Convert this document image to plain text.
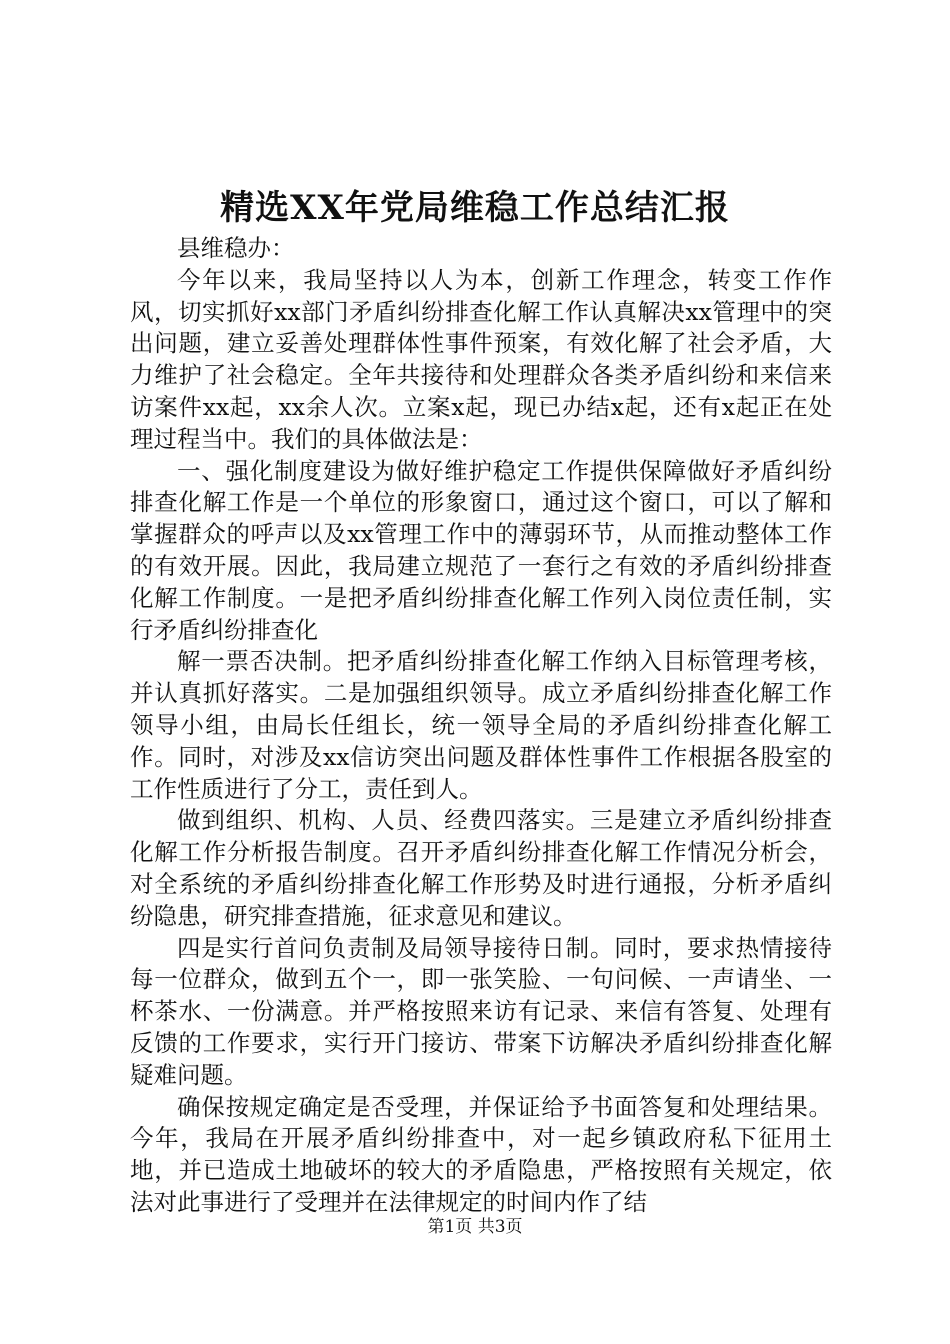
精选XX年党局维稳工作总结汇报

县维稳办：

今年以来，我局坚持以人为本，创新工作理念，转变工作作风，切实抓好xx部门矛盾纠纷排查化解工作认真解决xx管理中的突出问题，建立妥善处理群体性事件预案，有效化解了社会矛盾，大力维护了社会稳定。全年共接待和处理群众各类矛盾纠纷和来信来访案件xx起，xx余人次。立案x起，现已办结x起，还有x起正在处理过程当中。我们的具体做法是：

一、强化制度建设为做好维护稳定工作提供保障做好矛盾纠纷排查化解工作是一个单位的形象窗口，通过这个窗口，可以了解和掌握群众的呼声以及xx管理工作中的薄弱环节，从而推动整体工作的有效开展。因此，我局建立规范了一套行之有效的矛盾纠纷排查化解工作制度。一是把矛盾纠纷排查化解工作列入岗位责任制，实行矛盾纠纷排查化

解一票否决制。把矛盾纠纷排查化解工作纳入目标管理考核，并认真抓好落实。二是加强组织领导。成立矛盾纠纷排查化解工作领导小组，由局长任组长，统一领导全局的矛盾纠纷排查化解工作。同时，对涉及xx信访突出问题及群体性事件工作根据各股室的工作性质进行了分工，责任到人。

做到组织、机构、人员、经费四落实。三是建立矛盾纠纷排查化解工作分析报告制度。召开矛盾纠纷排查化解工作情况分析会，对全系统的矛盾纠纷排查化解工作形势及时进行通报，分析矛盾纠纷隐患，研究排查措施，征求意见和建议。

四是实行首问负责制及局领导接待日制。同时，要求热情接待每一位群众，做到五个一，即一张笑脸、一句问候、一声请坐、一杯茶水、一份满意。并严格按照来访有记录、来信有答复、处理有反馈的工作要求，实行开门接访、带案下访解决矛盾纠纷排查化解疑难问题。

确保按规定确定是否受理，并保证给予书面答复和处理结果。今年，我局在开展矛盾纠纷排查中，对一起乡镇政府私下征用土地，并已造成土地破坏的较大的矛盾隐患，严格按照有关规定，依法对此事进行了受理并在法律规定的时间内作了结

第1页 共3页
